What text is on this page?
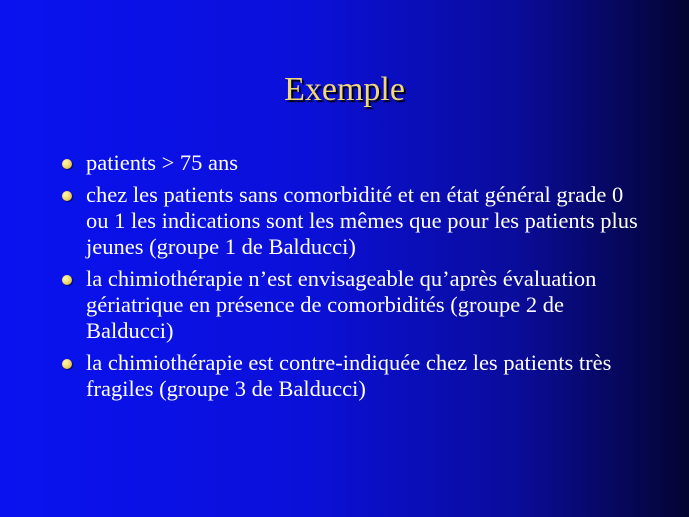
Exemple
patients > 75 ans
chez les patients sans comorbidité et en état général grade 0 ou 1 les indications sont les mêmes que pour les patients plus jeunes (groupe 1 de Balducci)
la chimiothérapie n’est envisageable qu’après évaluation gériatrique en présence de comorbidités (groupe 2 de Balducci)
la chimiothérapie est contre-indiquée chez les patients très fragiles (groupe 3 de Balducci)
